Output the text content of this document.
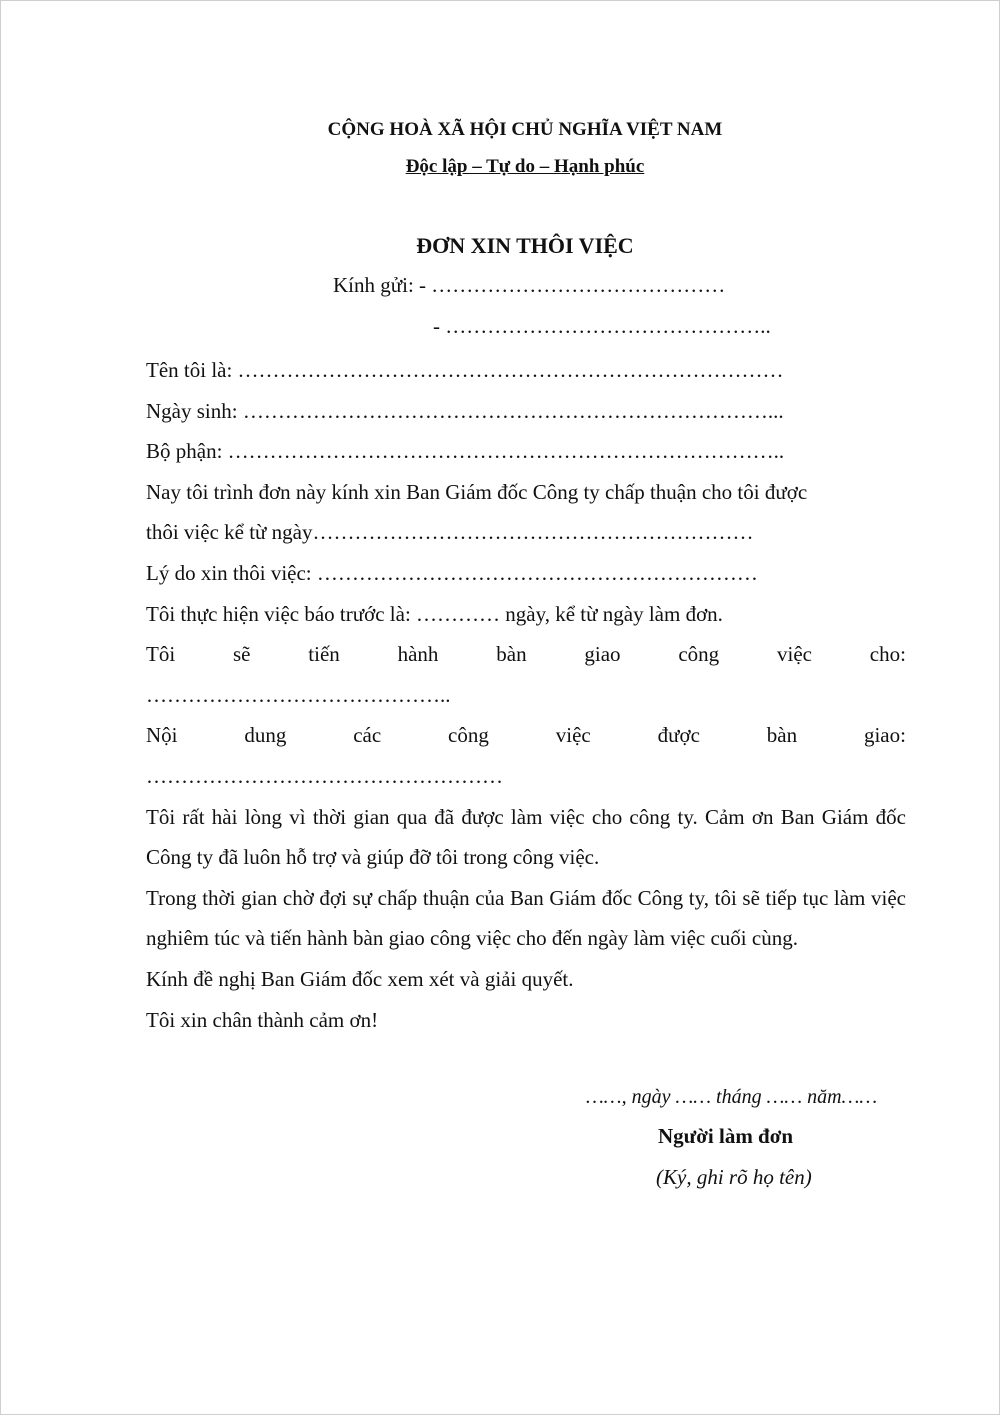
CỘNG HOÀ XÃ HỘI CHỦ NGHĨA VIỆT NAM
Độc lập – Tự do – Hạnh phúc
ĐƠN XIN THÔI VIỆC
Kính gửi: - ……………………………………
- ………………………………………..
Tên tôi là: ……………………………………………………………………
Ngày sinh: …………………………………………………………………...
Bộ phận: ……………………………………………………………………..
Nay tôi trình đơn này kính xin Ban Giám đốc Công ty chấp thuận cho tôi được
thôi việc kể từ ngày………………………………………………………
Lý do xin thôi việc: ………………………………………………………
Tôi thực hiện việc báo trước là: ………… ngày, kể từ ngày làm đơn.
Tôi	sẽ	tiến	hành	bàn	giao	công	việc	cho:
……………………………………..
Nội	dung	các	công	việc	được	bàn	giao:
……………………………………………
Tôi rất hài lòng vì thời gian qua đã được làm việc cho công ty. Cảm ơn Ban Giám đốc Công ty đã luôn hỗ trợ và giúp đỡ tôi trong công việc.
Trong thời gian chờ đợi sự chấp thuận của Ban Giám đốc Công ty, tôi sẽ tiếp tục làm việc nghiêm túc và tiến hành bàn giao công việc cho đến ngày làm việc cuối cùng.
Kính đề nghị Ban Giám đốc xem xét và giải quyết.
Tôi xin chân thành cảm ơn!
……, ngày …… tháng …… năm……
Người làm đơn
(Ký, ghi rõ họ tên)
